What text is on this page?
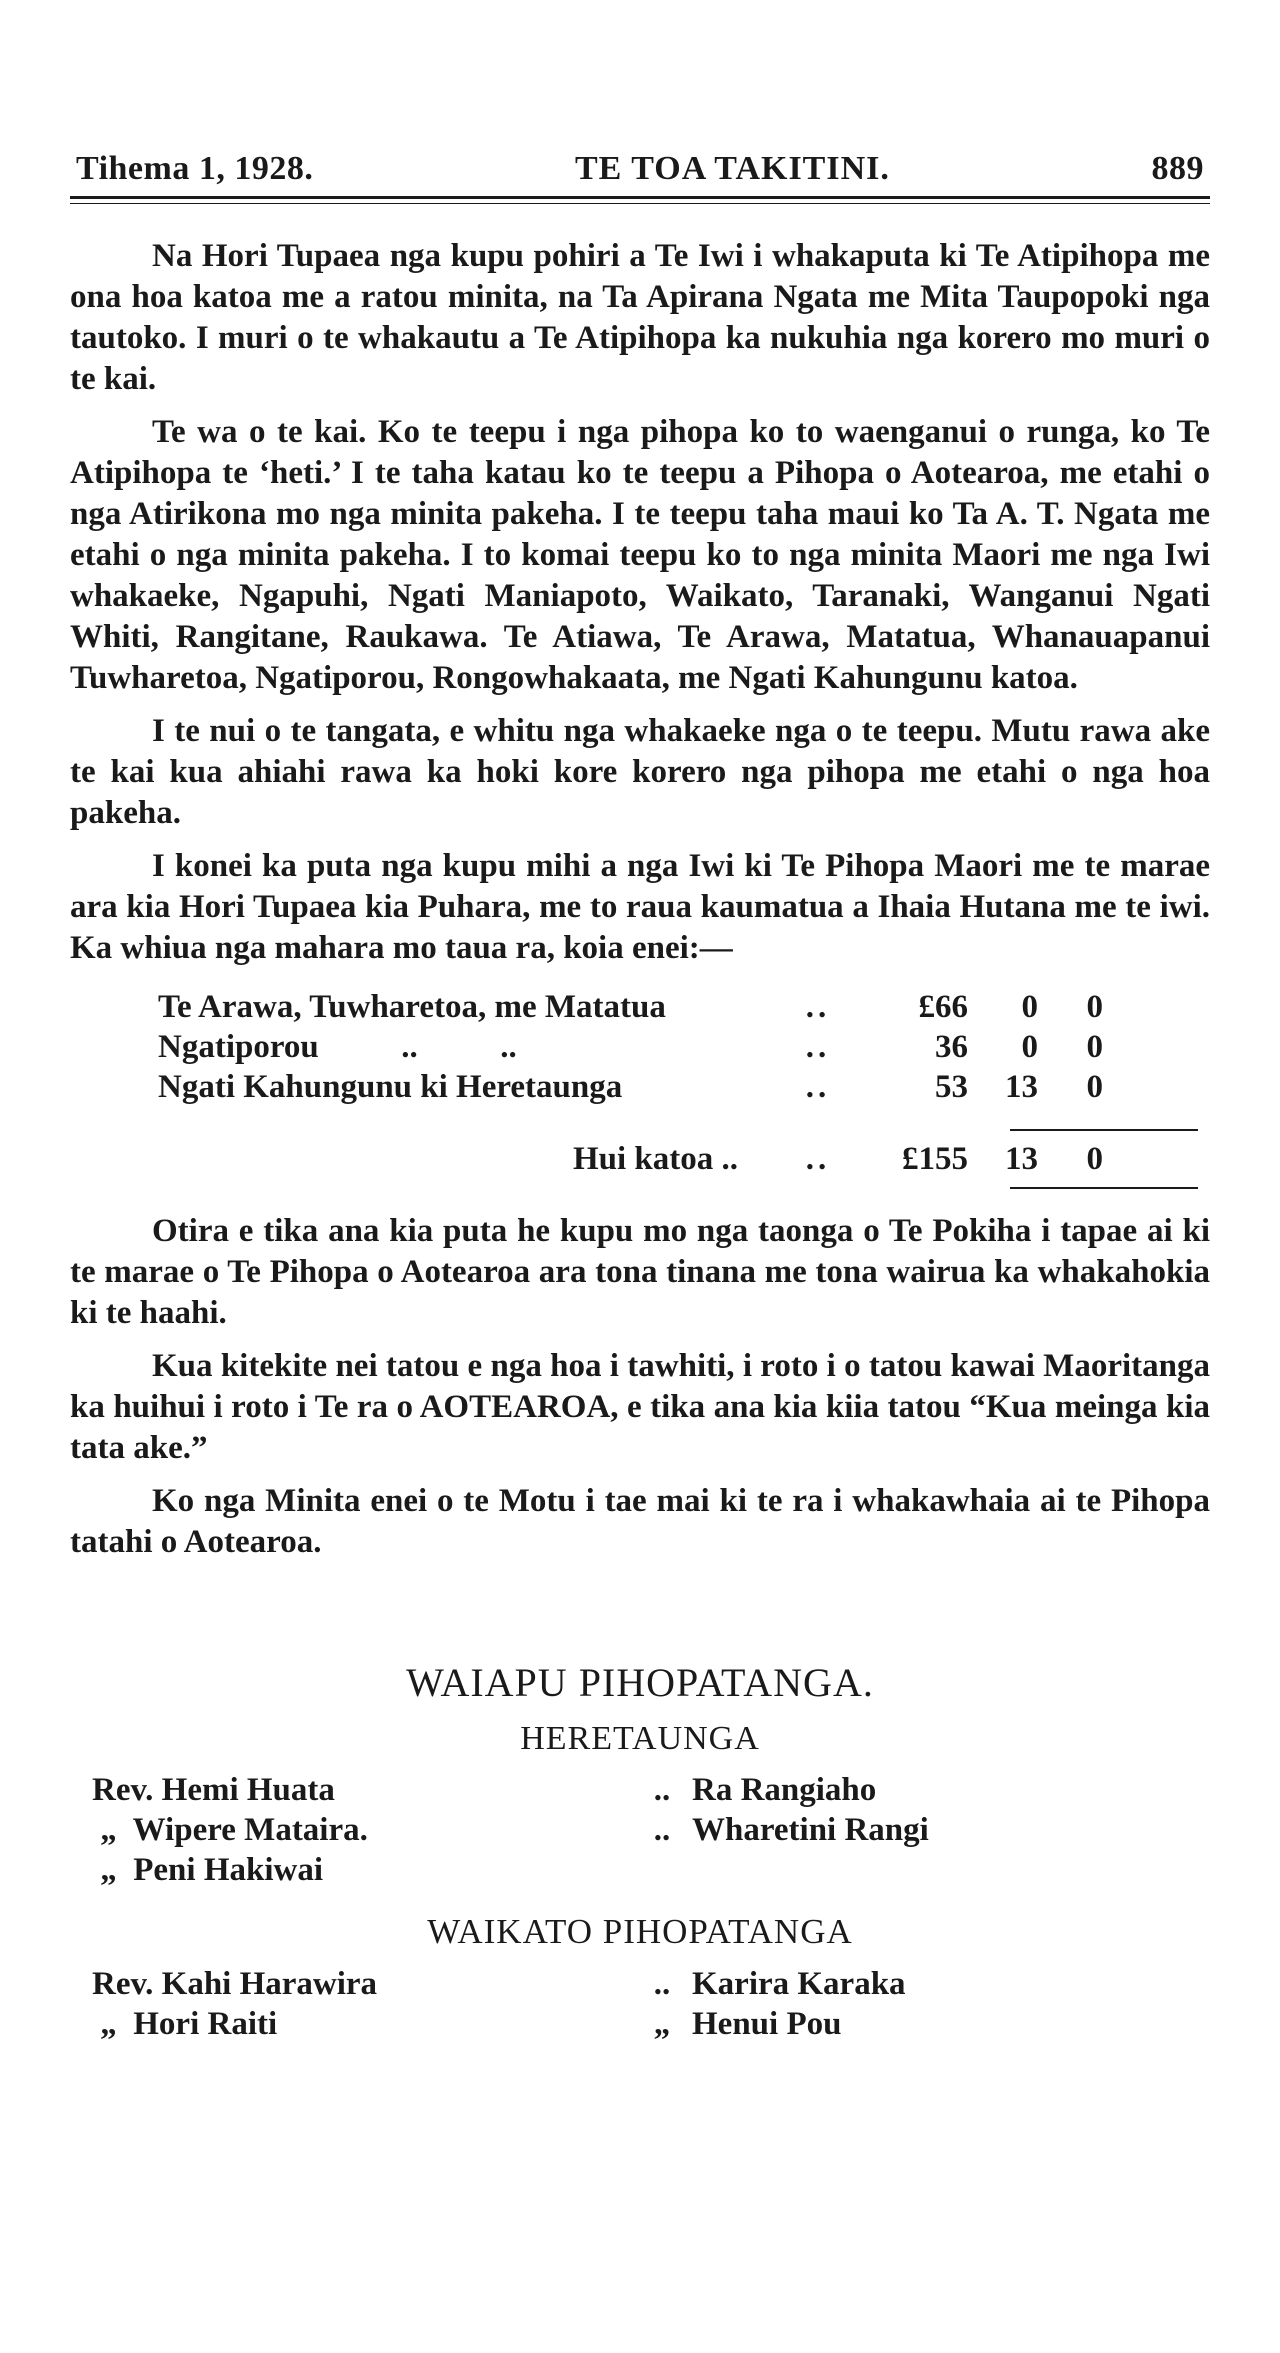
Tihema 1, 1928.	TE TOA TAKITINI.	889

Na Hori Tupaea nga kupu pohiri a Te Iwi i whakaputa ki Te Atipihopa me ona hoa katoa me a ratou minita, na Ta Apirana Ngata me Mita Taupopoki nga tautoko. I muri o te whakautu a Te Atipihopa ka nukuhia nga korero mo muri o te kai.

Te wa o te kai. Ko te teepu i nga pihopa ko to waenganui o runga, ko Te Atipihopa te ‘heti.’ I te taha katau ko te teepu a Pihopa o Aotearoa, me etahi o nga Atirikona mo nga minita pakeha. I te teepu taha maui ko Ta A. T. Ngata me etahi o nga minita pakeha. I to komai teepu ko to nga minita Maori me nga Iwi whakaeke, Ngapuhi, Ngati Maniapoto, Waikato, Taranaki, Wanganui Ngati Whiti, Rangitane, Raukawa. Te Atiawa, Te Arawa, Matatua, Whanauapanui Tuwharetoa, Ngatiporou, Rongowhakaata, me Ngati Kahungunu katoa.

I te nui o te tangata, e whitu nga whakaeke nga o te teepu. Mutu rawa ake te kai kua ahiahi rawa ka hoki kore korero nga pihopa me etahi o nga hoa pakeha.

I konei ka puta nga kupu mihi a nga Iwi ki Te Pihopa Maori me te marae ara kia Hori Tupaea kia Puhara, me to raua kaumatua a Ihaia Hutana me te iwi. Ka whiua nga mahara mo taua ra, koia enei:—

Te Arawa, Tuwharetoa, me Matatua	..	£66	0	0
Ngatiporou          ..          ..	..	36	0	0
Ngati Kahungunu ki Heretaunga	..	53	13	0
Hui katoa ..	..	£155	13	0

Otira e tika ana kia puta he kupu mo nga taonga o Te Pokiha i tapae ai ki te marae o Te Pihopa o Aotearoa ara tona tinana me tona wairua ka whakahokia ki te haahi.

Kua kitekite nei tatou e nga hoa i tawhiti, i roto i o tatou kawai Maoritanga ka huihui i roto i Te ra o AOTEAROA, e tika ana kia kiia tatou “Kua meinga kia tata ake.”

Ko nga Minita enei o te Motu i tae mai ki te ra i whakawhaia ai te Pihopa tatahi o Aotearoa.

WAIAPU PIHOPATANGA.
HERETAUNGA
Rev. Hemi Huata	.. Ra Rangiaho
„  Wipere Mataira.	.. Wharetini Rangi
„  Peni Hakiwai
WAIKATO PIHOPATANGA
Rev. Kahi Harawira	.. Karira Karaka
„  Hori Raiti	„ Henui Pou
